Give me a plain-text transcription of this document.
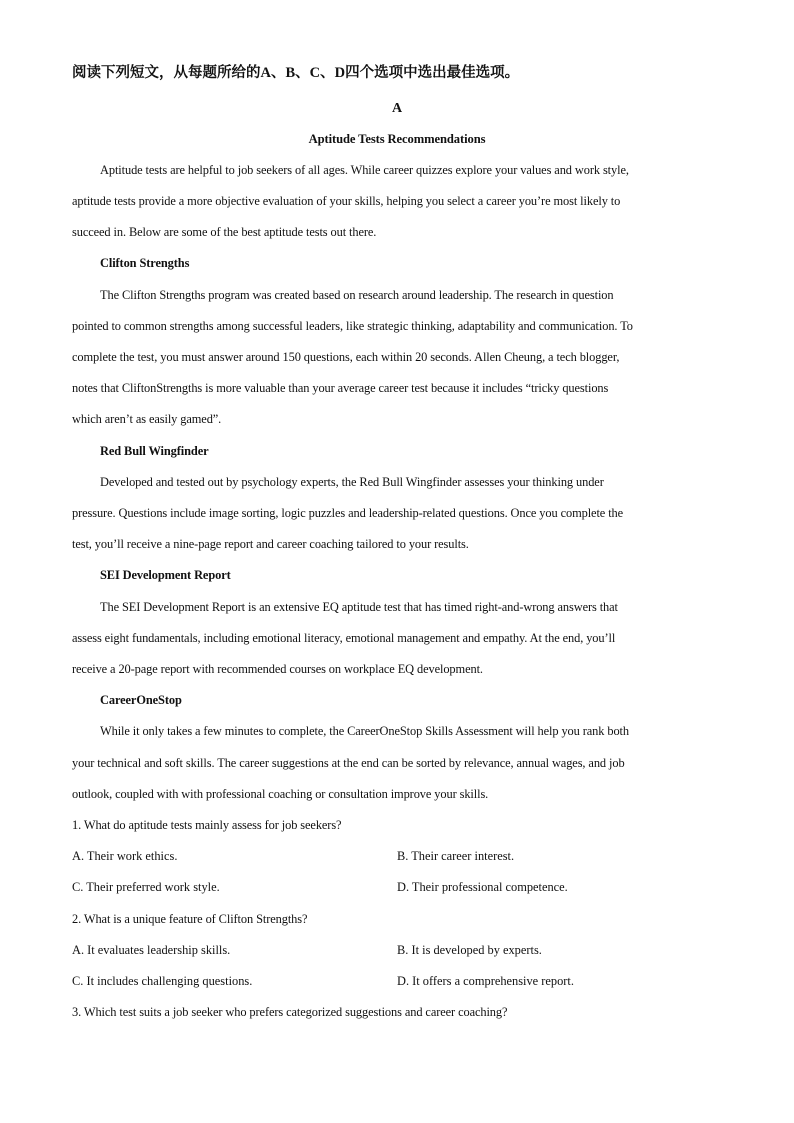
阅读下列短文，从每题所给的A、B、C、D四个选项中选出最佳选项。
A
Aptitude Tests Recommendations
Aptitude tests are helpful to job seekers of all ages. While career quizzes explore your values and work style,
aptitude tests provide a more objective evaluation of your skills, helping you select a career you’re most likely to
succeed in. Below are some of the best aptitude tests out there.
Clifton Strengths
The Clifton Strengths program was created based on research around leadership. The research in question
pointed to common strengths among successful leaders, like strategic thinking, adaptability and communication. To
complete the test, you must answer around 150 questions, each within 20 seconds. Allen Cheung, a tech blogger,
notes that CliftonStrengths is more valuable than your average career test because it includes “tricky questions
which aren’t as easily gamed”.
Red Bull Wingfinder
Developed and tested out by psychology experts, the Red Bull Wingfinder assesses your thinking under
pressure. Questions include image sorting, logic puzzles and leadership-related questions. Once you complete the
test, you’ll receive a nine-page report and career coaching tailored to your results.
SEI Development Report
The SEI Development Report is an extensive EQ aptitude test that has timed right-and-wrong answers that
assess eight fundamentals, including emotional literacy, emotional management and empathy. At the end, you’ll
receive a 20-page report with recommended courses on workplace EQ development.
CareerOneStop
While it only takes a few minutes to complete, the CareerOneStop Skills Assessment will help you rank both
your technical and soft skills. The career suggestions at the end can be sorted by relevance, annual wages, and job
outlook, coupled with with professional coaching or consultation improve your skills.
1. What do aptitude tests mainly assess for job seekers?
A. Their work ethics.	B. Their career interest.
C. Their preferred work style.	D. Their professional competence.
2. What is a unique feature of Clifton Strengths?
A. It evaluates leadership skills.	B. It is developed by experts.
C. It includes challenging questions.	D. It offers a comprehensive report.
3. Which test suits a job seeker who prefers categorized suggestions and career coaching?
